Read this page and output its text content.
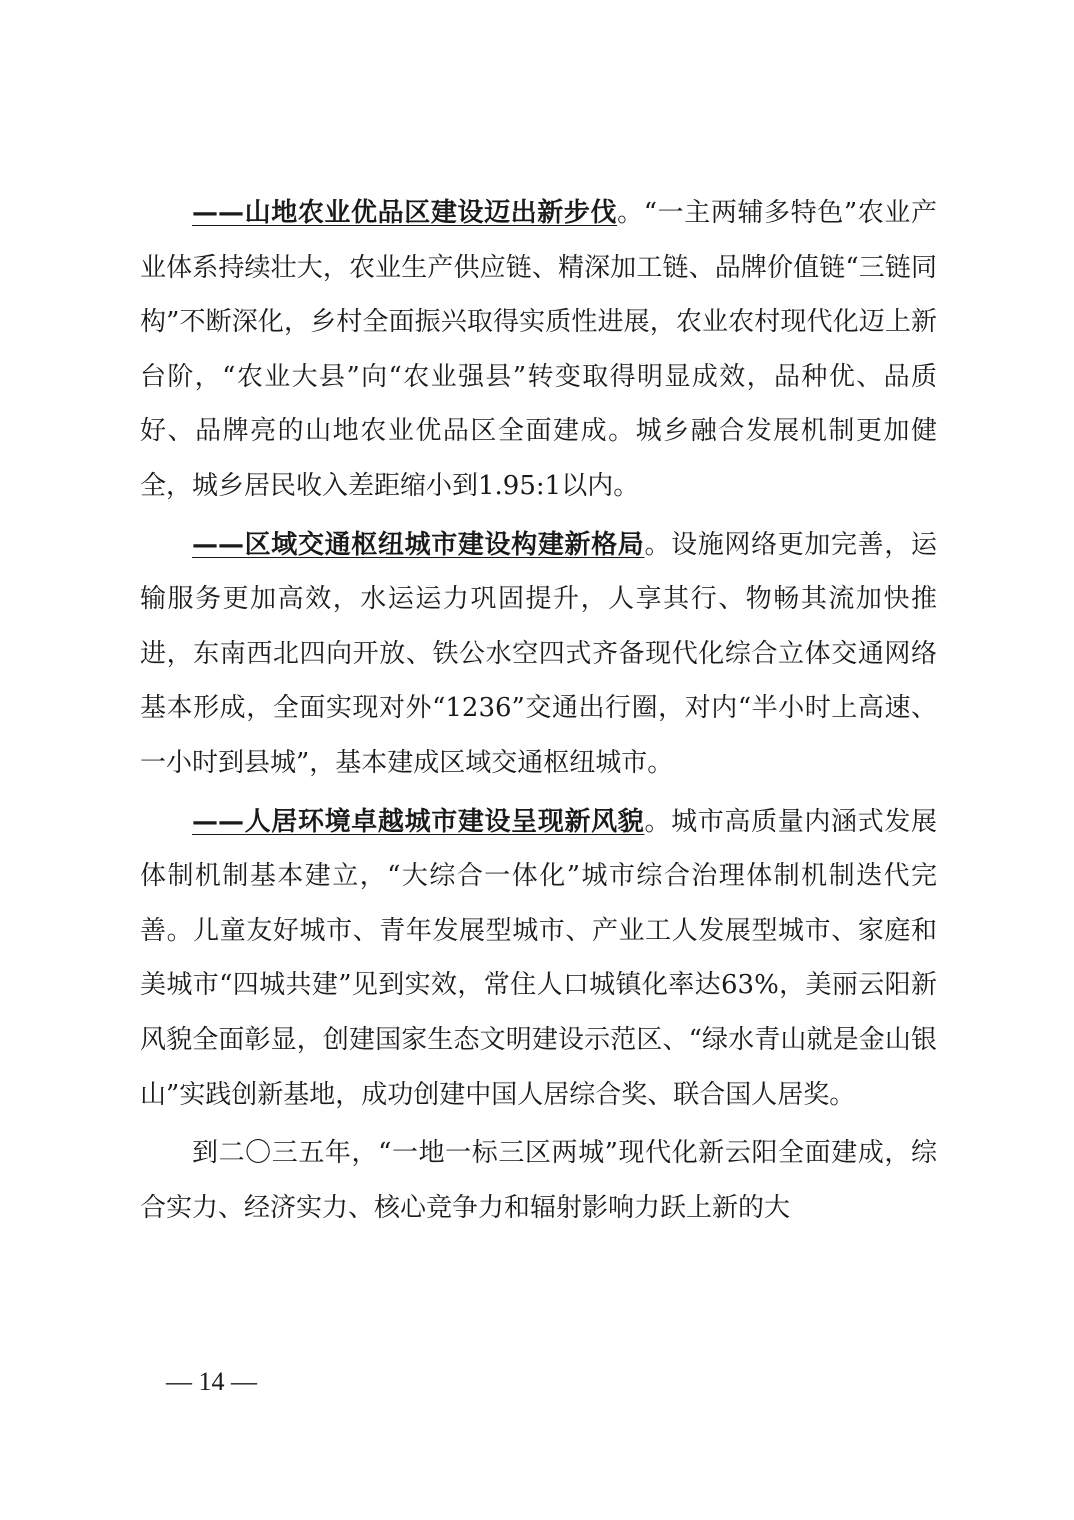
——山地农业优品区建设迈出新步伐。“一主两辅多特色”农业产业体系持续壮大，农业生产供应链、精深加工链、品牌价值链“三链同构”不断深化，乡村全面振兴取得实质性进展，农业农村现代化迈上新台阶，“农业大县”向“农业强县”转变取得明显成效，品种优、品质好、品牌亮的山地农业优品区全面建成。城乡融合发展机制更加健全，城乡居民收入差距缩小到1.95:1以内。

——区域交通枢纽城市建设构建新格局。设施网络更加完善，运输服务更加高效，水运运力巩固提升，人享其行、物畅其流加快推进，东南西北四向开放、铁公水空四式齐备现代化综合立体交通网络基本形成，全面实现对外“1236”交通出行圈，对内“半小时上高速、一小时到县城”，基本建成区域交通枢纽城市。

——人居环境卓越城市建设呈现新风貌。城市高质量内涵式发展体制机制基本建立，“大综合一体化”城市综合治理体制机制迭代完善。儿童友好城市、青年发展型城市、产业工人发展型城市、家庭和美城市“四城共建”见到实效，常住人口城镇化率达63%，美丽云阳新风貌全面彰显，创建国家生态文明建设示范区、“绿水青山就是金山银山”实践创新基地，成功创建中国人居综合奖、联合国人居奖。

到二〇三五年，“一地一标三区两城”现代化新云阳全面建成，综合实力、经济实力、核心竞争力和辐射影响力跃上新的大

— 14 —
